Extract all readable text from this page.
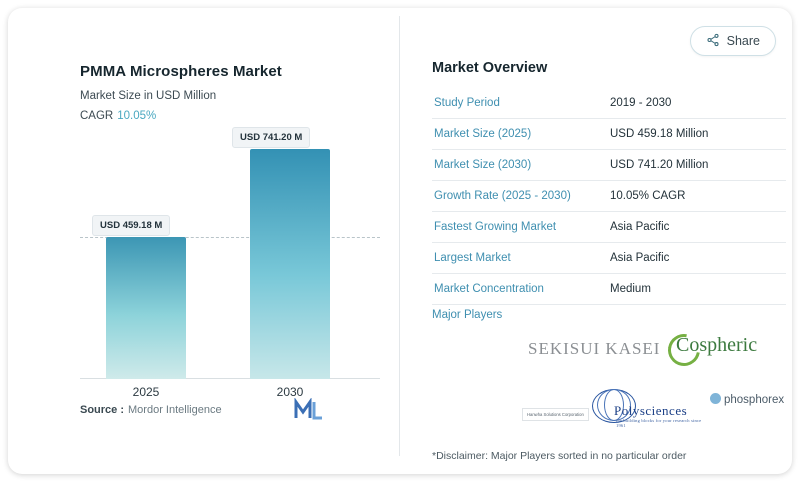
PMMA Microspheres Market
Market Size in USD Million
CAGR 10.05%
USD 459.18 M
USD 741.20 M
2025	2030
Source : Mordor Intelligence
Share
Market Overview
Study Period	2019 - 2030
Market Size (2025)	USD 459.18 Million
Market Size (2030)	USD 741.20 Million
Growth Rate (2025 - 2030)	10.05% CAGR
Fastest Growing Market	Asia Pacific
Largest Market	Asia Pacific
Market Concentration	Medium
Major Players
SEKISUI KASEI Cospheric
Polysciences
the building blocks for your research since 1961
phosphorex
Hanwha Solutions Corporation
*Disclaimer: Major Players sorted in no particular order
